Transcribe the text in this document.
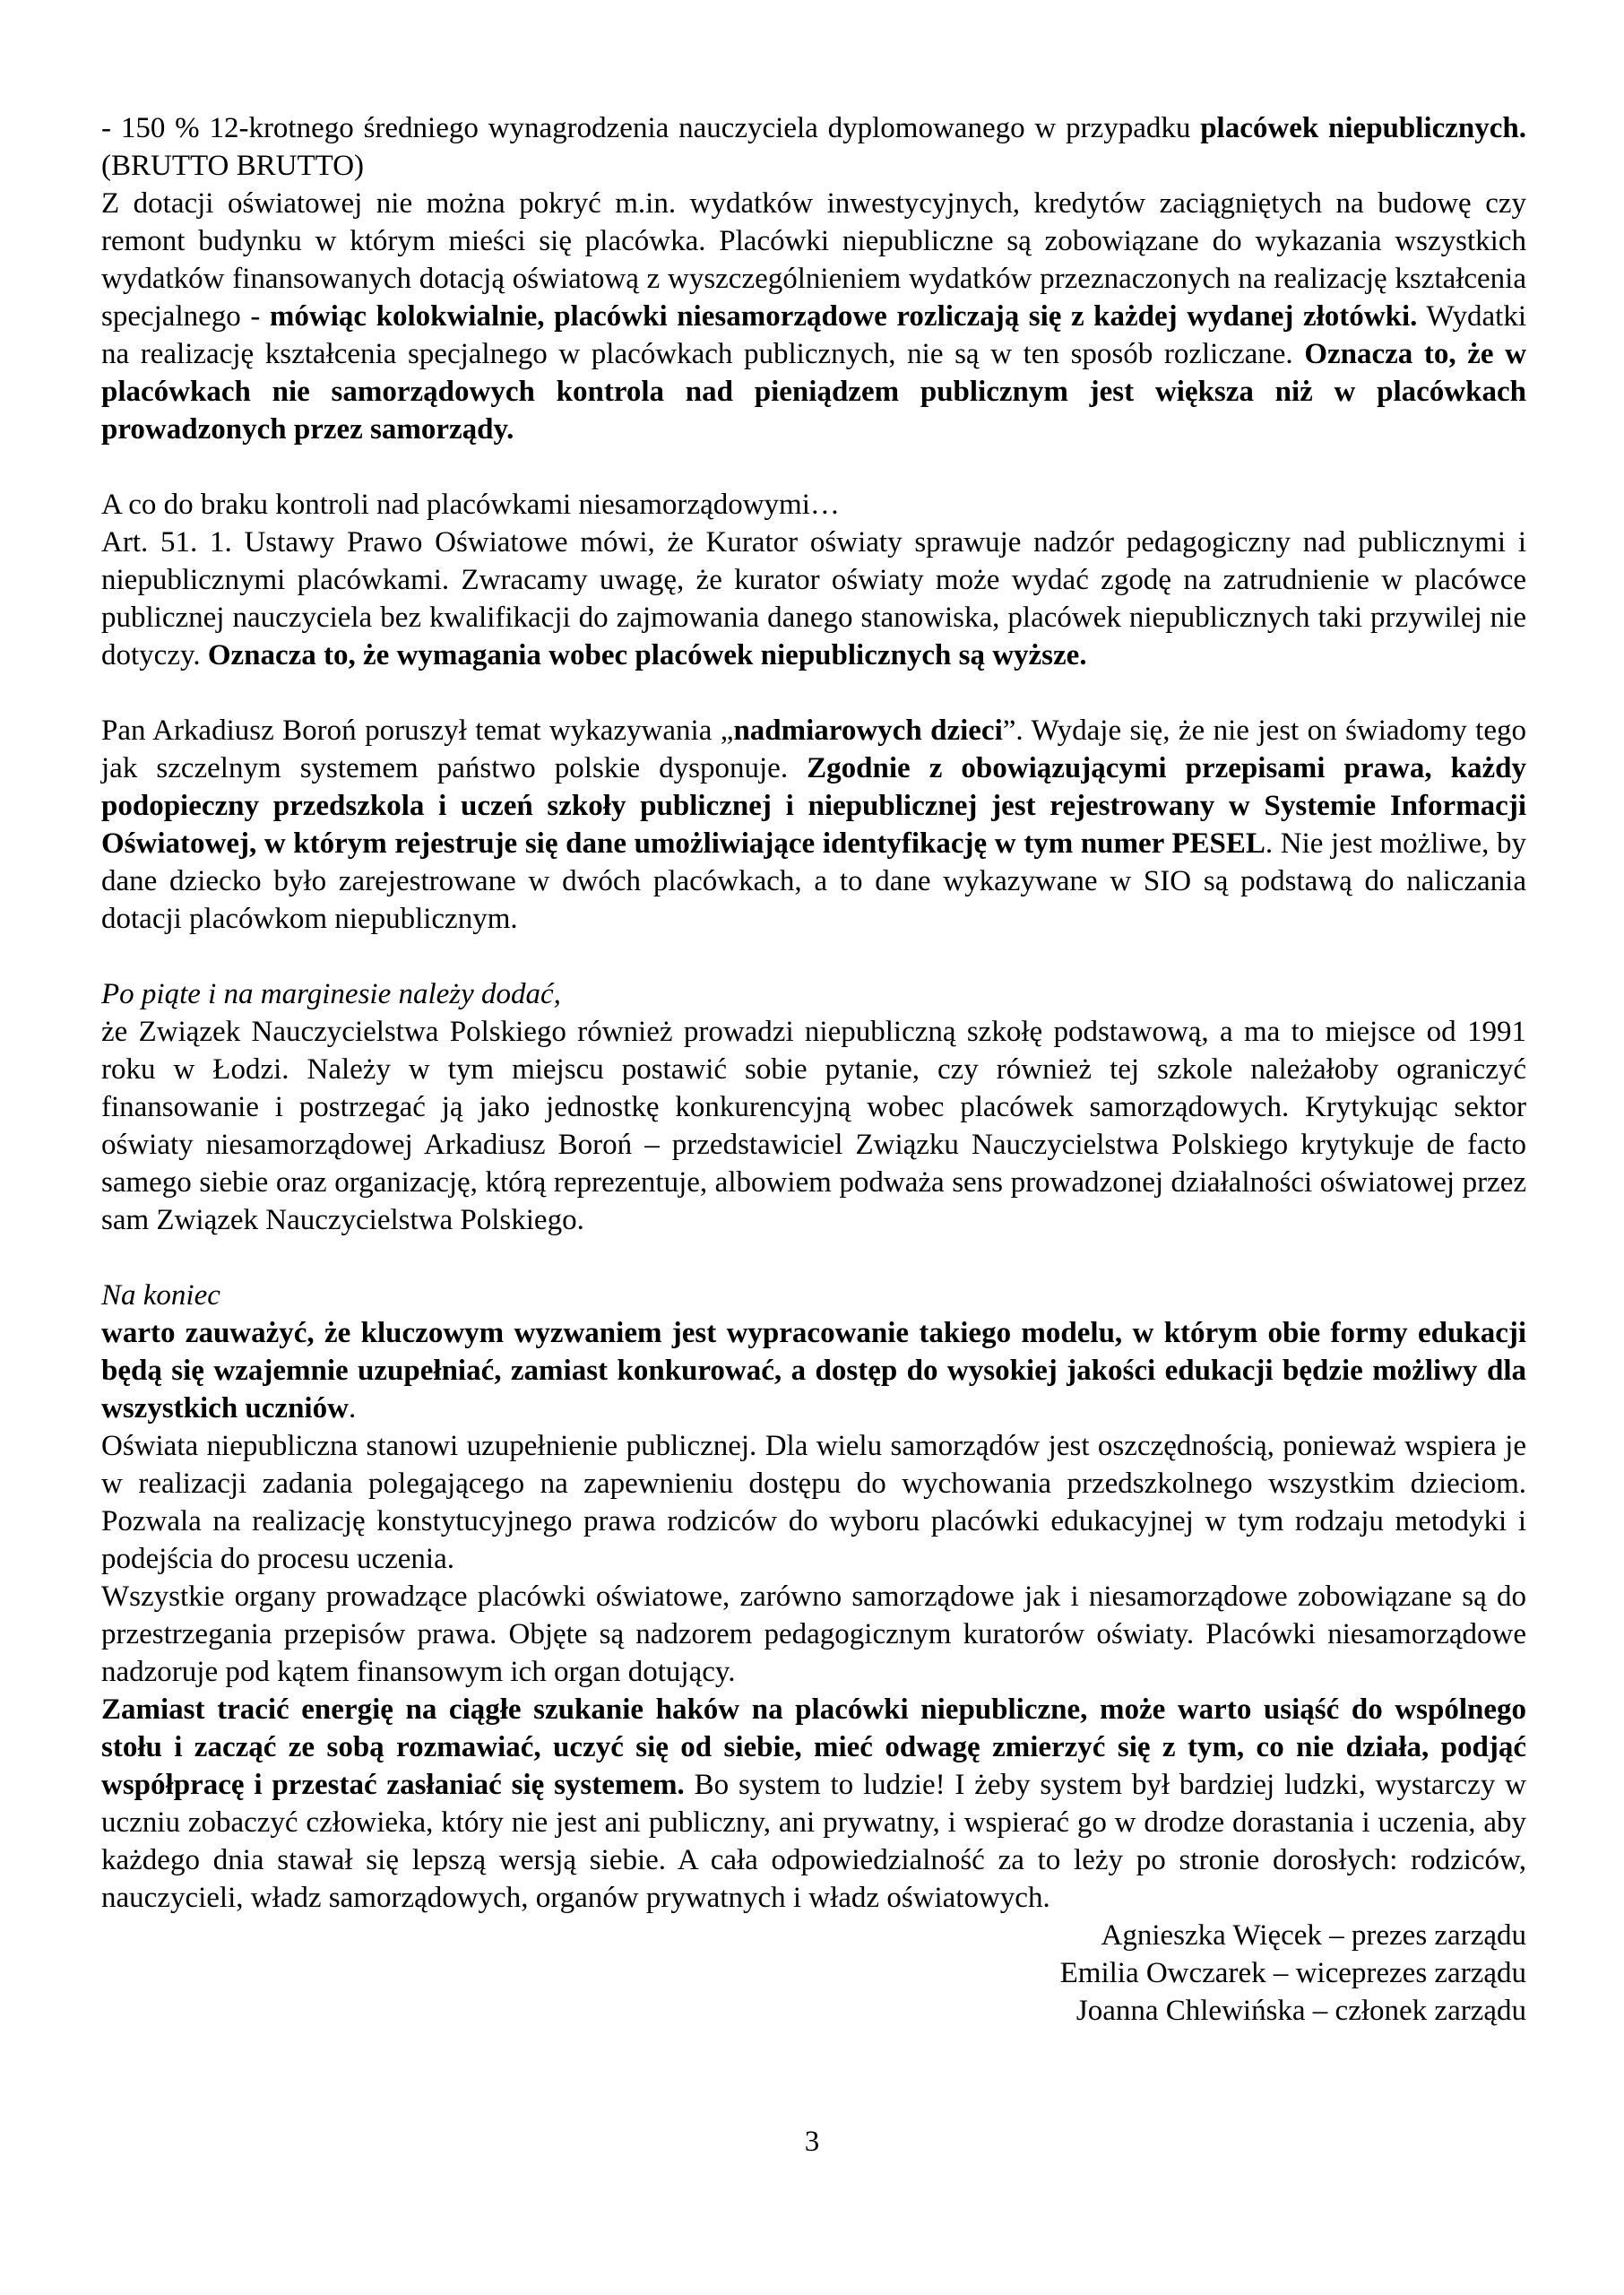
- 150 % 12-krotnego średniego wynagrodzenia nauczyciela dyplomowanego w przypadku placówek niepublicznych. (BRUTTO BRUTTO)

Z dotacji oświatowej nie można pokryć m.in. wydatków inwestycyjnych, kredytów zaciągniętych na budowę czy remont budynku w którym mieści się placówka. Placówki niepubliczne są zobowiązane do wykazania wszystkich wydatków finansowanych dotacją oświatową z wyszczególnieniem wydatków przeznaczonych na realizację kształcenia specjalnego - mówiąc kolokwialnie, placówki niesamorządowe rozliczają się z każdej wydanej złotówki. Wydatki na realizację kształcenia specjalnego w placówkach publicznych, nie są w ten sposób rozliczane. Oznacza to, że w placówkach nie samorządowych kontrola nad pieniądzem publicznym jest większa niż w placówkach prowadzonych przez samorządy.

A co do braku kontroli nad placówkami niesamorządowymi…

Art. 51. 1. Ustawy Prawo Oświatowe mówi, że Kurator oświaty sprawuje nadzór pedagogiczny nad publicznymi i niepublicznymi placówkami. Zwracamy uwagę, że kurator oświaty może wydać zgodę na zatrudnienie w placówce publicznej nauczyciela bez kwalifikacji do zajmowania danego stanowiska, placówek niepublicznych taki przywilej nie dotyczy. Oznacza to, że wymagania wobec placówek niepublicznych są wyższe.

Pan Arkadiusz Boroń poruszył temat wykazywania „nadmiarowych dzieci”. Wydaje się, że nie jest on świadomy tego jak szczelnym systemem państwo polskie dysponuje. Zgodnie z obowiązującymi przepisami prawa, każdy podopieczny przedszkola i uczeń szkoły publicznej i niepublicznej jest rejestrowany w Systemie Informacji Oświatowej, w którym rejestruje się dane umożliwiające identyfikację w tym numer PESEL. Nie jest możliwe, by dane dziecko było zarejestrowane w dwóch placówkach, a to dane wykazywane w SIO są podstawą do naliczania dotacji placówkom niepublicznym.

Po piąte i na marginesie należy dodać,

że Związek Nauczycielstwa Polskiego również prowadzi niepubliczną szkołę podstawową, a ma to miejsce od 1991 roku w Łodzi. Należy w tym miejscu postawić sobie pytanie, czy również tej szkole należałoby ograniczyć finansowanie i postrzegać ją jako jednostkę konkurencyjną wobec placówek samorządowych. Krytykując sektor oświaty niesamorządowej Arkadiusz Boroń – przedstawiciel Związku Nauczycielstwa Polskiego krytykuje de facto samego siebie oraz organizację, którą reprezentuje, albowiem podważa sens prowadzonej działalności oświatowej przez sam Związek Nauczycielstwa Polskiego.

Na koniec

warto zauważyć, że kluczowym wyzwaniem jest wypracowanie takiego modelu, w którym obie formy edukacji będą się wzajemnie uzupełniać, zamiast konkurować, a dostęp do wysokiej jakości edukacji będzie możliwy dla wszystkich uczniów.

Oświata niepubliczna stanowi uzupełnienie publicznej. Dla wielu samorządów jest oszczędnością, ponieważ wspiera je w realizacji zadania polegającego na zapewnieniu dostępu do wychowania przedszkolnego wszystkim dzieciom. Pozwala na realizację konstytucyjnego prawa rodziców do wyboru placówki edukacyjnej w tym rodzaju metodyki i podejścia do procesu uczenia.

Wszystkie organy prowadzące placówki oświatowe, zarówno samorządowe jak i niesamorządowe zobowiązane są do przestrzegania przepisów prawa. Objęte są nadzorem pedagogicznym kuratorów oświaty. Placówki niesamorządowe nadzoruje pod kątem finansowym ich organ dotujący.

Zamiast tracić energię na ciągłe szukanie haków na placówki niepubliczne, może warto usiąść do wspólnego stołu i zacząć ze sobą rozmawiać, uczyć się od siebie, mieć odwagę zmierzyć się z tym, co nie działa, podjąć współpracę i przestać zasłaniać się systemem. Bo system to ludzie! I żeby system był bardziej ludzki, wystarczy w uczniu zobaczyć człowieka, który nie jest ani publiczny, ani prywatny, i wspierać go w drodze dorastania i uczenia, aby każdego dnia stawał się lepszą wersją siebie. A cała odpowiedzialność za to leży po stronie dorosłych: rodziców, nauczycieli, władz samorządowych, organów prywatnych i władz oświatowych.

Agnieszka Więcek – prezes zarządu

Emilia Owczarek – wiceprezes zarządu

Joanna Chlewińska – członek zarządu

3
